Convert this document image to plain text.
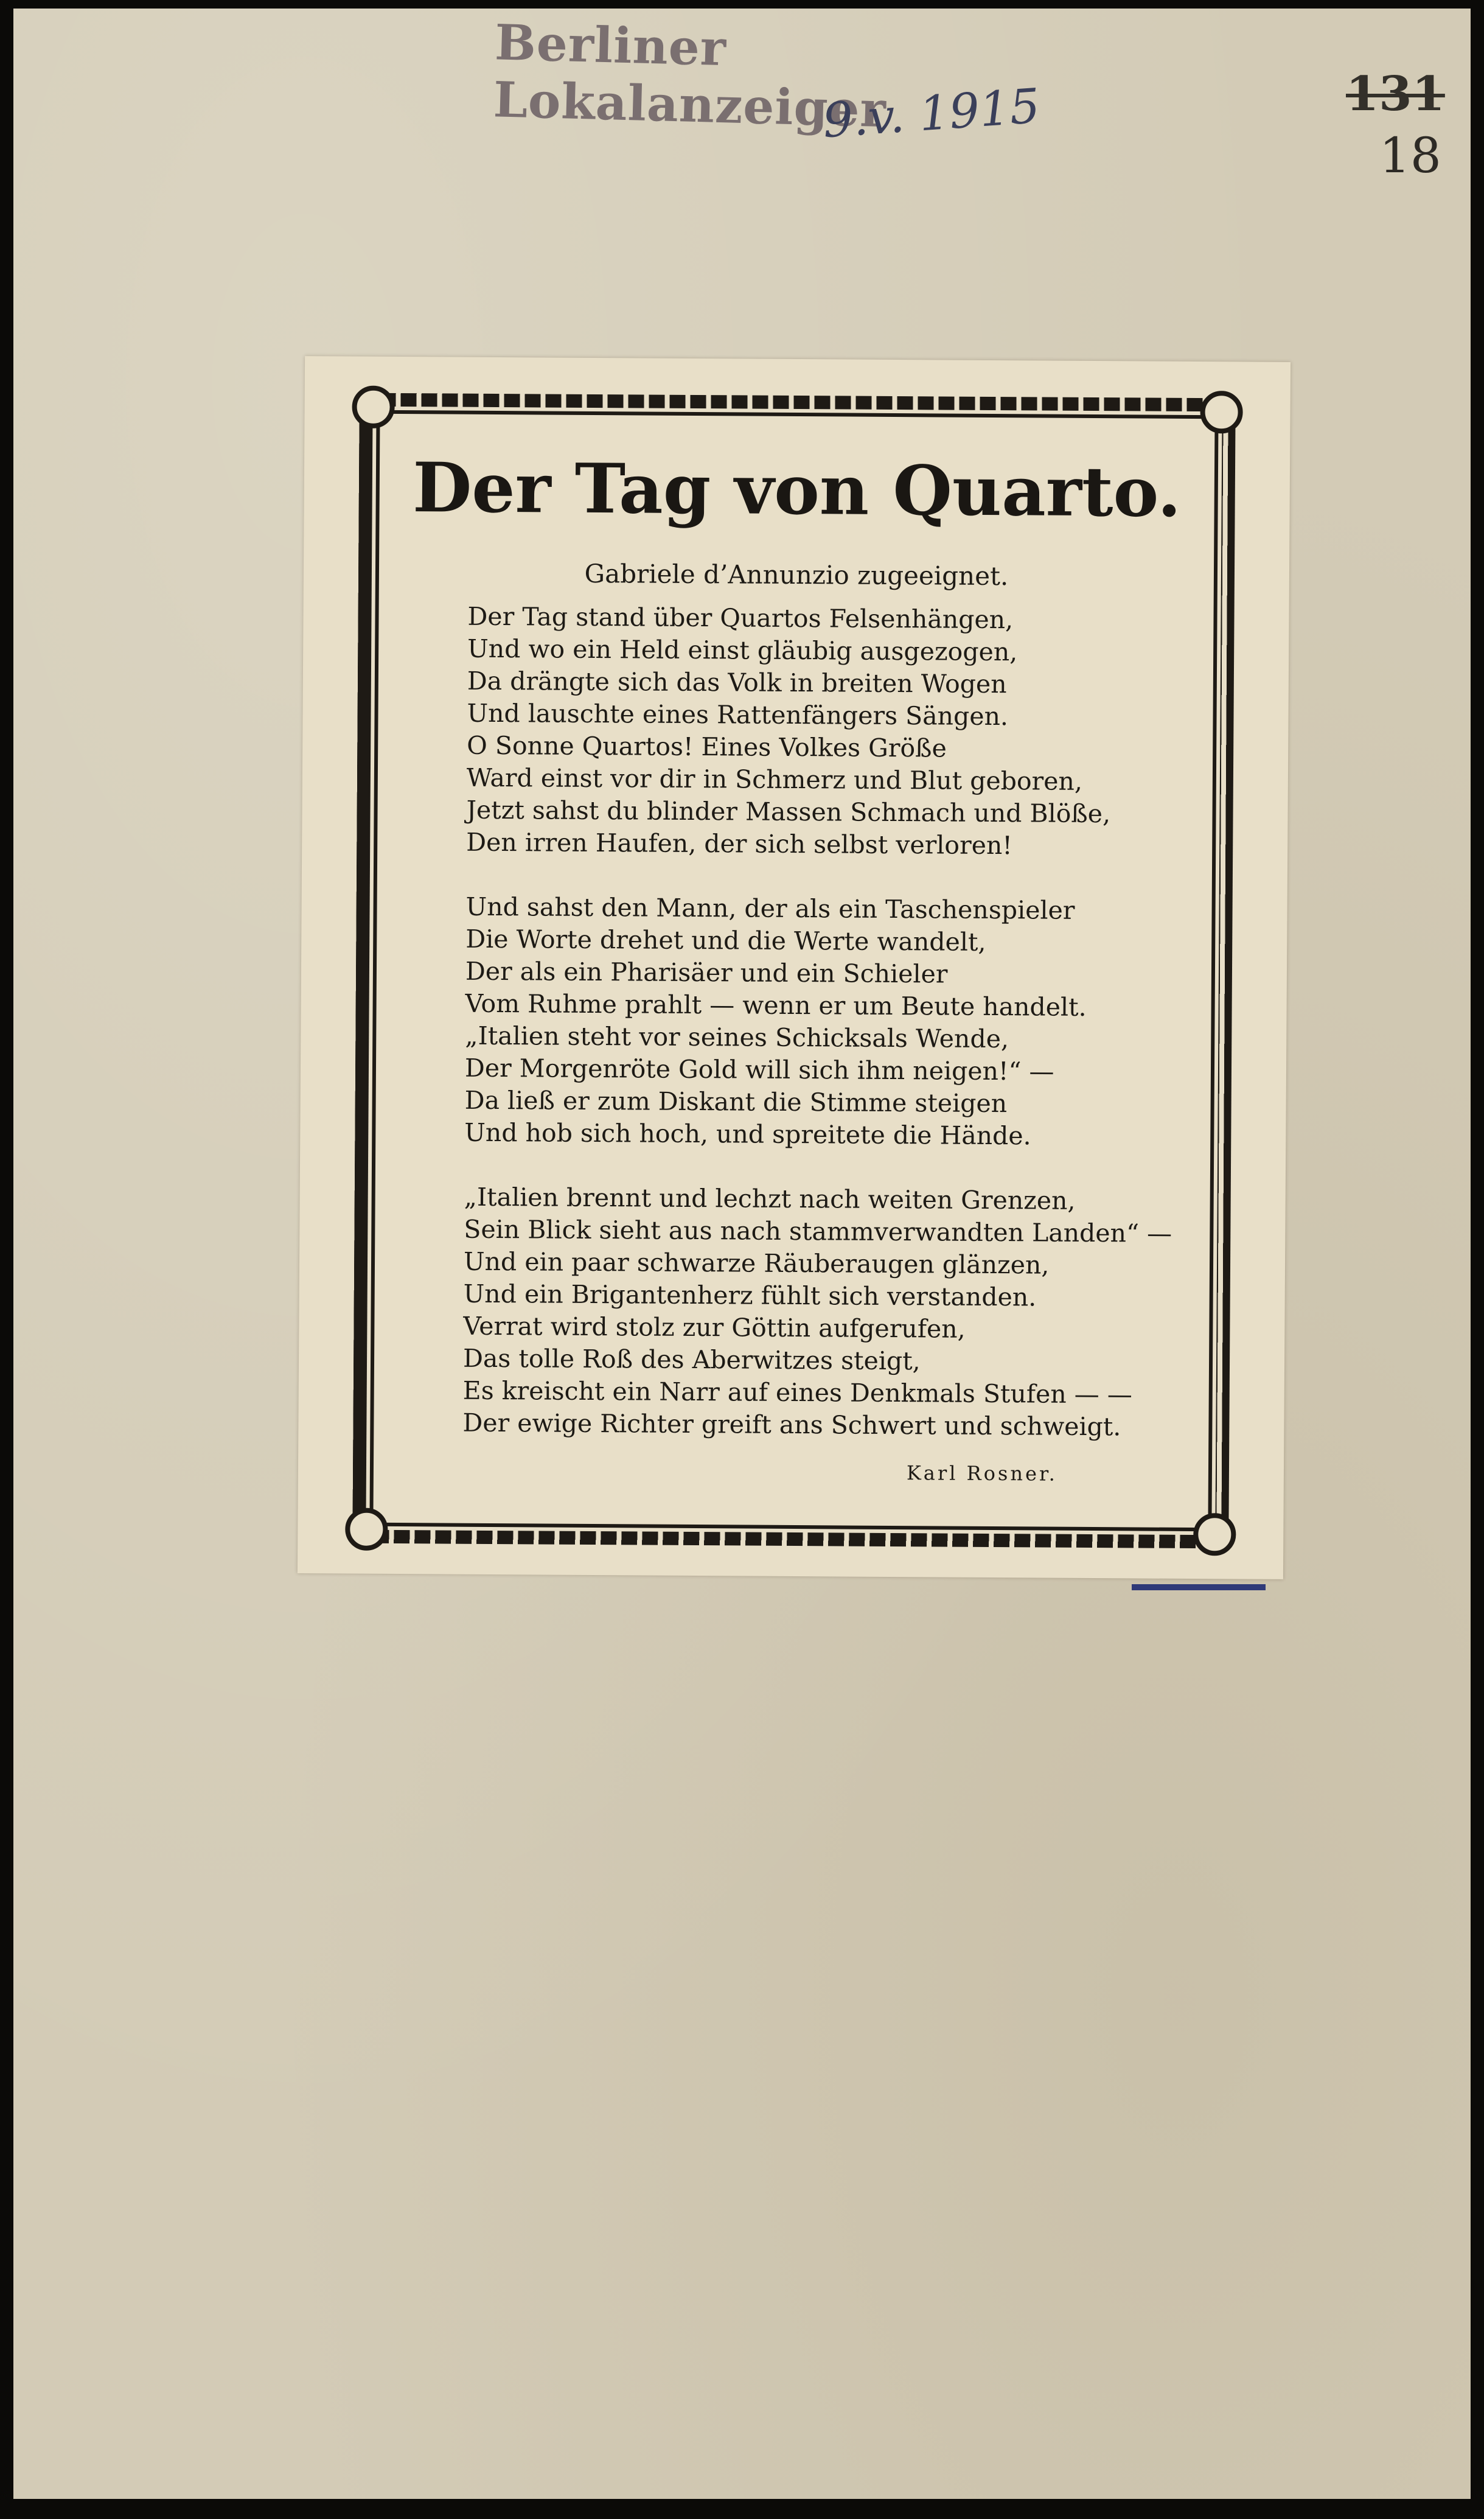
Berliner Lokalanzeiger
9.v. 1915	131
18
Der Tag von Quarto.
Gabriele d’Annunzio zugeeignet.
Der Tag stand über Quartos Felsenhängen,
Und wo ein Held einst gläubig ausgezogen,
Da drängte sich das Volk in breiten Wogen
Und lauschte eines Rattenfängers Sängen.
O Sonne Quartos! Eines Volkes Größe
Ward einst vor dir in Schmerz und Blut geboren,
Jetzt sahst du blinder Massen Schmach und Blöße,
Den irren Haufen, der sich selbst verloren!
Und sahst den Mann, der als ein Taschenspieler
Die Worte drehet und die Werte wandelt,
Der als ein Pharisäer und ein Schieler
Vom Ruhme prahlt — wenn er um Beute handelt.
„Italien steht vor seines Schicksals Wende,
Der Morgenröte Gold will sich ihm neigen!“ —
Da ließ er zum Diskant die Stimme steigen
Und hob sich hoch, und spreitete die Hände.
„Italien brennt und lechzt nach weiten Grenzen,
Sein Blick sieht aus nach stammverwandten Landen“ —
Und ein paar schwarze Räuberaugen glänzen,
Und ein Brigantenherz fühlt sich verstanden.
Verrat wird stolz zur Göttin aufgerufen,
Das tolle Roß des Aberwitzes steigt,
Es kreischt ein Narr auf eines Denkmals Stufen — —
Der ewige Richter greift ans Schwert und schweigt.
Karl Rosner.
